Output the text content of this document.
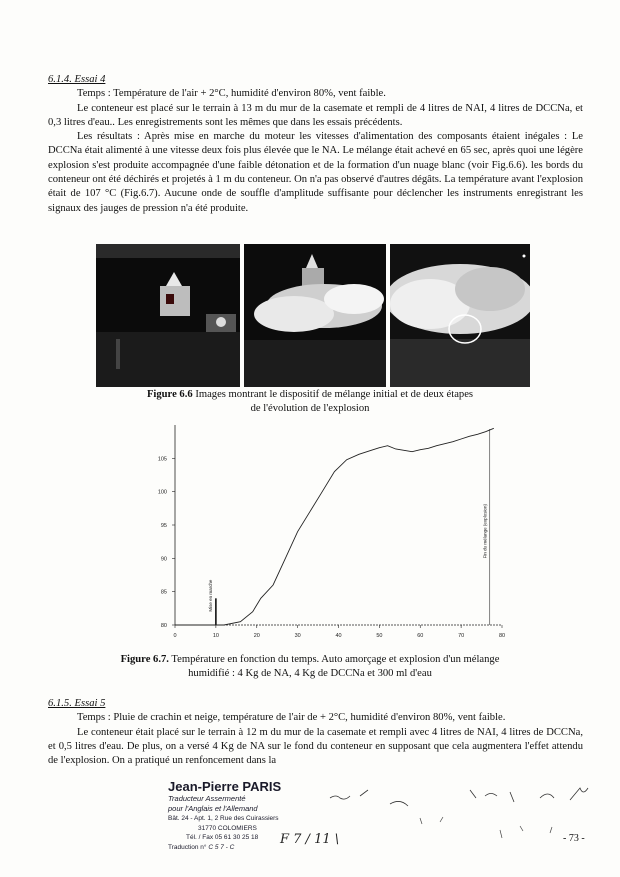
6.1.4. Essai 4

Temps : Température de l'air + 2°C, humidité d'environ 80%, vent faible.

Le conteneur est placé sur le terrain à 13 m du mur de la casemate et rempli de 4 litres de NAI, 4 litres de DCCNa, et 0,3 litres d'eau.. Les enregistrements sont les mêmes que dans les essais précédents.

Les résultats : Après mise en marche du moteur les vitesses d'alimentation des composants étaient inégales : Le DCCNa était alimenté à une vitesse deux fois plus élevée que le NA. Le mélange était achevé en 65 sec, après quoi une légère explosion s'est produite accompagnée d'une faible détonation et de la formation d'un nuage blanc (voir Fig.6.6). les bords du conteneur ont été déchirés et projetés à 1 m du conteneur. On n'a pas observé d'autres dégâts. La température avant l'explosion était de 107 °C (Fig.6.7). Aucune onde de souffle d'amplitude suffisante pour déclencher les instruments enregistrant les signaux des jauges de pression n'a été produite.

Figure 6.6 Images montrant le dispositif de mélange initial et de deux étapes
de l'évolution de l'explosion
0	10	20	30	40	50	60	70	80
80
85
90
95
100
105
Mise en marche
Fin du mélange (explosion)
Figure 6.7. Température en fonction du temps. Auto amorçage et explosion d'un mélange
humidifié : 4 Kg de NA, 4 Kg de DCCNa et 300 ml d'eau

6.1.5. Essai 5

Temps : Pluie de crachin et neige, température de l'air de + 2°C, humidité d'environ 80%, vent faible.

Le conteneur était placé sur le terrain à 12 m du mur de la casemate et rempli avec 4 litres de NAI, 4 litres de DCCNa, et 0,5 litres d'eau. De plus, on a versé 4 Kg de NA sur le fond du conteneur en supposant que cela augmentera l'effet attendu de l'explosion. On a pratiqué un renfoncement dans la

Jean-Pierre PARIS
Traducteur Assermenté
pour l'Anglais et l'Allemand
Bât. 24 - Apt. 1, 2 Rue des Cuirassiers
31770 COLOMIERS
Tél. / Fax 05 61 30 25 18
Traduction n° C 5 7 - C	F 7 / 11 \	- 73 -
